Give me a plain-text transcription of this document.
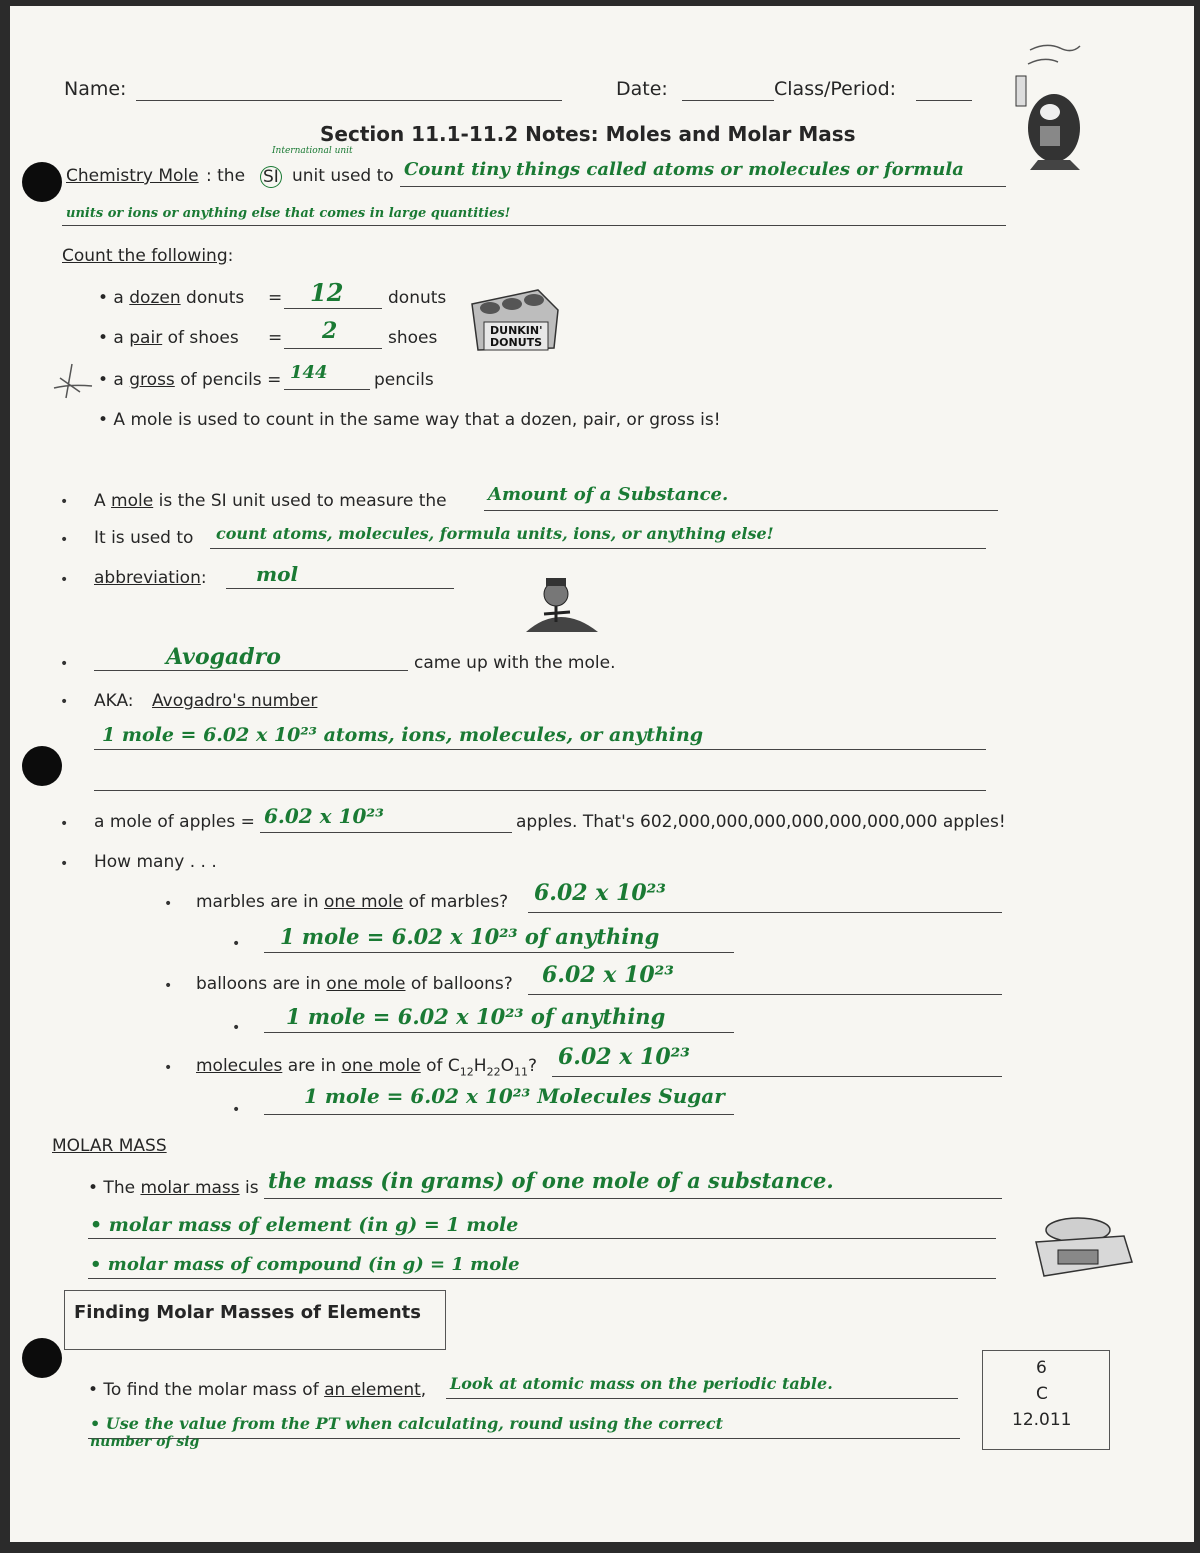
Name:	Date:	Class/Period:
Section 11.1-11.2 Notes: Moles and Molar Mass
International unit
Chemistry Mole : the SI unit used to Count tiny things called atoms or molecules or formula
units or ions or anything else that comes in large quantities!
Count the following:
• a dozen donuts = 12	donuts
• a pair of shoes = 2	shoes
• a gross of pencils = 144	pencils
DUNKIN'
DONUTS
• A mole is used to count in the same way that a dozen, pair, or gross is!
• A mole is the SI unit used to measure the Amount of a Substance.
• It is used to count atoms, molecules, formula units, ions, or anything else!
• abbreviation: mol
•	Avogadro	came up with the mole.
• AKA: Avogadro's number
1 mole = 6.02 x 10²³ atoms, ions, molecules, or anything
• a mole of apples = 6.02 x 10²³	apples. That's 602,000,000,000,000,000,000,000 apples!
• How many . . .
• marbles are in one mole of marbles? 6.02 x 10²³
• 1 mole = 6.02 x 10²³ of anything
• balloons are in one mole of balloons? 6.02 x 10²³
• 1 mole = 6.02 x 10²³ of anything
• molecules are in one mole of $C_{12}H_{22}O_{11}$? 6.02 x 10²³
•
1 mole = 6.02 x 10²³ Molecules Sugar
MOLAR MASS
• The molar mass is the mass (in grams) of one mole of a substance.
• molar mass of element (in g) = 1 mole
• molar mass of compound (in g) = 1 mole
Finding Molar Masses of Elements
• To find the molar mass of an element, Look at atomic mass on the periodic table.
• Use the value from the PT when calculating, round using the correct
number of sig
6
C
12.011
